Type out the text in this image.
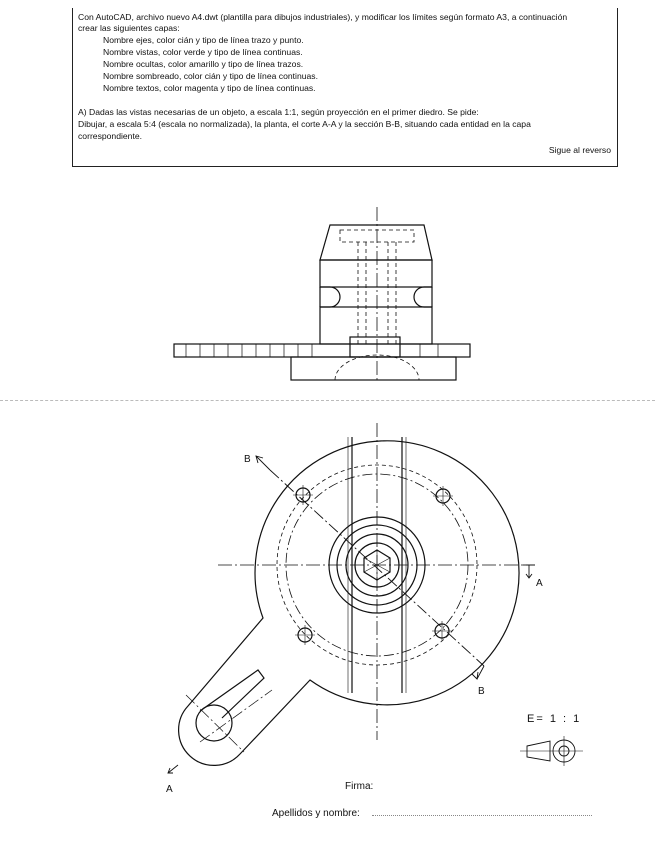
Con AutoCAD, archivo nuevo A4.dwt (plantilla para dibujos industriales), y modificar los límites según formato A3, a continuación
crear las siguientes capas:
Nombre ejes, color cián y tipo de línea trazo y punto.
Nombre vistas, color verde y tipo de línea continuas.
Nombre ocultas, color amarillo y tipo de línea trazos.
Nombre sombreado, color cián y tipo de línea continuas.
Nombre textos, color magenta y tipo de línea continuas.
A) Dadas las vistas necesarias de un objeto, a escala 1:1, según proyección en el primer diedro. Se pide:
Dibujar, a escala 5:4 (escala no normalizada), la planta, el corte A-A y la sección B-B, situando cada entidad en la capa
correspondiente.
Sigue al reverso
B
B
A
A
E= 1 : 1
Firma:
Apellidos y nombre:
